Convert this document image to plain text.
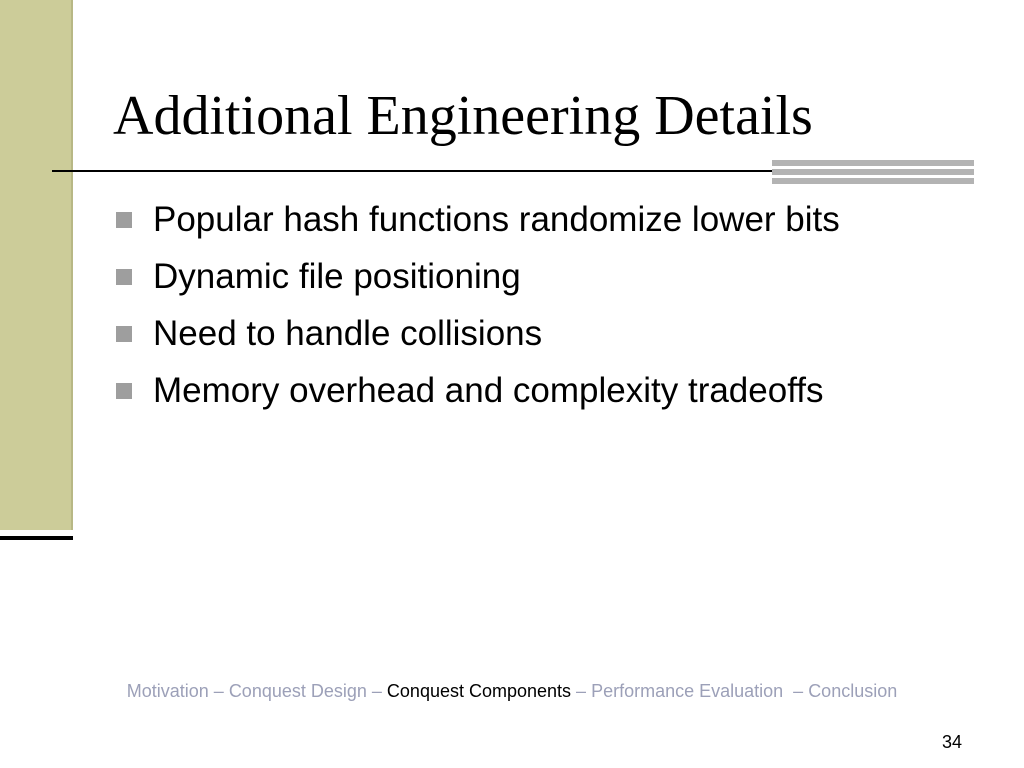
Additional Engineering Details
Popular hash functions randomize lower bits
Dynamic file positioning
Need to handle collisions
Memory overhead and complexity tradeoffs
Motivation – Conquest Design – Conquest Components – Performance Evaluation  – Conclusion
34
